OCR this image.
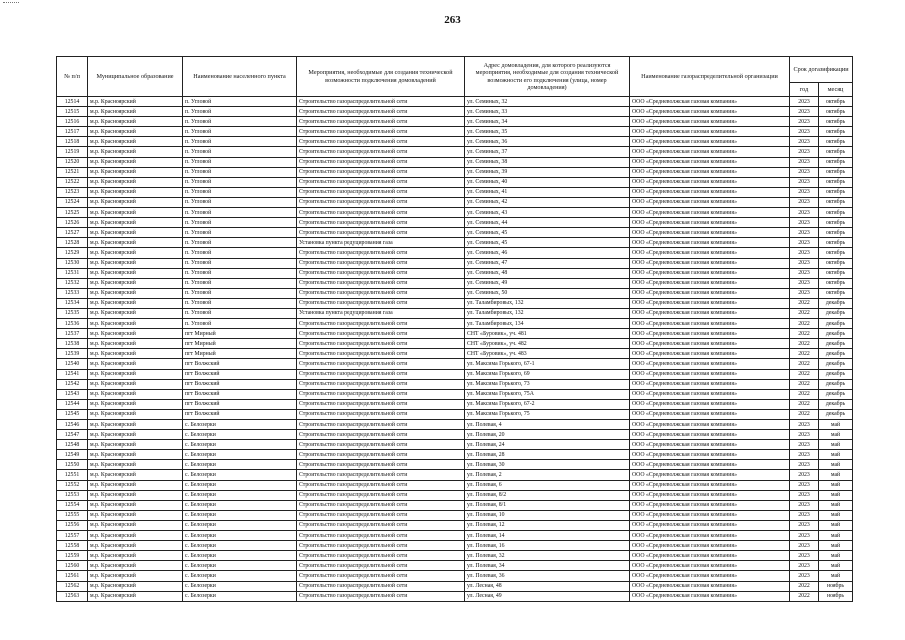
263
№ п/п	Муниципальное образование	Наименование населенного пункта	Мероприятия, необходимые для создания технической возможности подключения домовладений	Адрес домовладения, для которого реализуются мероприятия, необходимые для создания технической возможности его подключения (улица, номер домовладения)	Наименование газораспределительной организации	Срок догазификации	
						год	месяц
12514	м.р. Красноярский	п. Угловой	Строительство газораспределительной сети	ул. Семиных, 32	ООО «Средневолжская газовая компания»	2023	октябрь
12515	м.р. Красноярский	п. Угловой	Строительство газораспределительной сети	ул. Семиных, 33	ООО «Средневолжская газовая компания»	2023	октябрь
12516	м.р. Красноярский	п. Угловой	Строительство газораспределительной сети	ул. Семиных, 34	ООО «Средневолжская газовая компания»	2023	октябрь
12517	м.р. Красноярский	п. Угловой	Строительство газораспределительной сети	ул. Семиных, 35	ООО «Средневолжская газовая компания»	2023	октябрь
12518	м.р. Красноярский	п. Угловой	Строительство газораспределительной сети	ул. Семиных, 36	ООО «Средневолжская газовая компания»	2023	октябрь
12519	м.р. Красноярский	п. Угловой	Строительство газораспределительной сети	ул. Семиных, 37	ООО «Средневолжская газовая компания»	2023	октябрь
12520	м.р. Красноярский	п. Угловой	Строительство газораспределительной сети	ул. Семиных, 38	ООО «Средневолжская газовая компания»	2023	октябрь
12521	м.р. Красноярский	п. Угловой	Строительство газораспределительной сети	ул. Семиных, 39	ООО «Средневолжская газовая компания»	2023	октябрь
12522	м.р. Красноярский	п. Угловой	Строительство газораспределительной сети	ул. Семиных, 40	ООО «Средневолжская газовая компания»	2023	октябрь
12523	м.р. Красноярский	п. Угловой	Строительство газораспределительной сети	ул. Семиных, 41	ООО «Средневолжская газовая компания»	2023	октябрь
12524	м.р. Красноярский	п. Угловой	Строительство газораспределительной сети	ул. Семиных, 42	ООО «Средневолжская газовая компания»	2023	октябрь
12525	м.р. Красноярский	п. Угловой	Строительство газораспределительной сети	ул. Семиных, 43	ООО «Средневолжская газовая компания»	2023	октябрь
12526	м.р. Красноярский	п. Угловой	Строительство газораспределительной сети	ул. Семиных, 44	ООО «Средневолжская газовая компания»	2023	октябрь
12527	м.р. Красноярский	п. Угловой	Строительство газораспределительной сети	ул. Семиных, 45	ООО «Средневолжская газовая компания»	2023	октябрь
12528	м.р. Красноярский	п. Угловой	Установка пункта редуцирования газа	ул. Семиных, 45	ООО «Средневолжская газовая компания»	2023	октябрь
12529	м.р. Красноярский	п. Угловой	Строительство газораспределительной сети	ул. Семиных, 46	ООО «Средневолжская газовая компания»	2023	октябрь
12530	м.р. Красноярский	п. Угловой	Строительство газораспределительной сети	ул. Семиных, 47	ООО «Средневолжская газовая компания»	2023	октябрь
12531	м.р. Красноярский	п. Угловой	Строительство газораспределительной сети	ул. Семиных, 48	ООО «Средневолжская газовая компания»	2023	октябрь
12532	м.р. Красноярский	п. Угловой	Строительство газораспределительной сети	ул. Семиных, 49	ООО «Средневолжская газовая компания»	2023	октябрь
12533	м.р. Красноярский	п. Угловой	Строительство газораспределительной сети	ул. Семиных, 50	ООО «Средневолжская газовая компания»	2023	октябрь
12534	м.р. Красноярский	п. Угловой	Строительство газораспределительной сети	ул. Таламбировых, 132	ООО «Средневолжская газовая компания»	2022	декабрь
12535	м.р. Красноярский	п. Угловой	Установка пункта редуцирования газа	ул. Таламбировых, 132	ООО «Средневолжская газовая компания»	2022	декабрь
12536	м.р. Красноярский	п. Угловой	Строительство газораспределительной сети	ул. Таламбировых, 134	ООО «Средневолжская газовая компания»	2022	декабрь
12537	м.р. Красноярский	пгт Мирный	Строительство газораспределительной сети	СНТ «Буровик», уч. 481	ООО «Средневолжская газовая компания»	2022	декабрь
12538	м.р. Красноярский	пгт Мирный	Строительство газораспределительной сети	СНТ «Буровик», уч. 482	ООО «Средневолжская газовая компания»	2022	декабрь
12539	м.р. Красноярский	пгт Мирный	Строительство газораспределительной сети	СНТ «Буровик», уч. 483	ООО «Средневолжская газовая компания»	2022	декабрь
12540	м.р. Красноярский	пгт Волжский	Строительство газораспределительной сети	ул. Максима Горького, 67-1	ООО «Средневолжская газовая компания»	2022	декабрь
12541	м.р. Красноярский	пгт Волжский	Строительство газораспределительной сети	ул. Максима Горького, 69	ООО «Средневолжская газовая компания»	2022	декабрь
12542	м.р. Красноярский	пгт Волжский	Строительство газораспределительной сети	ул. Максима Горького, 73	ООО «Средневолжская газовая компания»	2022	декабрь
12543	м.р. Красноярский	пгт Волжский	Строительство газораспределительной сети	ул. Максима Горького, 75А	ООО «Средневолжская газовая компания»	2022	декабрь
12544	м.р. Красноярский	пгт Волжский	Строительство газораспределительной сети	ул. Максима Горького, 67-2	ООО «Средневолжская газовая компания»	2022	декабрь
12545	м.р. Красноярский	пгт Волжский	Строительство газораспределительной сети	ул. Максима Горького, 75	ООО «Средневолжская газовая компания»	2022	декабрь
12546	м.р. Красноярский	с. Белозерки	Строительство газораспределительной сети	ул. Полевая, 4	ООО «Средневолжская газовая компания»	2023	май
12547	м.р. Красноярский	с. Белозерки	Строительство газораспределительной сети	ул. Полевая, 20	ООО «Средневолжская газовая компания»	2023	май
12548	м.р. Красноярский	с. Белозерки	Строительство газораспределительной сети	ул. Полевая, 24	ООО «Средневолжская газовая компания»	2023	май
12549	м.р. Красноярский	с. Белозерки	Строительство газораспределительной сети	ул. Полевая, 28	ООО «Средневолжская газовая компания»	2023	май
12550	м.р. Красноярский	с. Белозерки	Строительство газораспределительной сети	ул. Полевая, 30	ООО «Средневолжская газовая компания»	2023	май
12551	м.р. Красноярский	с. Белозерки	Строительство газораспределительной сети	ул. Полевая, 2	ООО «Средневолжская газовая компания»	2023	май
12552	м.р. Красноярский	с. Белозерки	Строительство газораспределительной сети	ул. Полевая, 6	ООО «Средневолжская газовая компания»	2023	май
12553	м.р. Красноярский	с. Белозерки	Строительство газораспределительной сети	ул. Полевая, 8/2	ООО «Средневолжская газовая компания»	2023	май
12554	м.р. Красноярский	с. Белозерки	Строительство газораспределительной сети	ул. Полевая, 8/1	ООО «Средневолжская газовая компания»	2023	май
12555	м.р. Красноярский	с. Белозерки	Строительство газораспределительной сети	ул. Полевая, 10	ООО «Средневолжская газовая компания»	2023	май
12556	м.р. Красноярский	с. Белозерки	Строительство газораспределительной сети	ул. Полевая, 12	ООО «Средневолжская газовая компания»	2023	май
12557	м.р. Красноярский	с. Белозерки	Строительство газораспределительной сети	ул. Полевая, 14	ООО «Средневолжская газовая компания»	2023	май
12558	м.р. Красноярский	с. Белозерки	Строительство газораспределительной сети	ул. Полевая, 16	ООО «Средневолжская газовая компания»	2023	май
12559	м.р. Красноярский	с. Белозерки	Строительство газораспределительной сети	ул. Полевая, 32	ООО «Средневолжская газовая компания»	2023	май
12560	м.р. Красноярский	с. Белозерки	Строительство газораспределительной сети	ул. Полевая, 34	ООО «Средневолжская газовая компания»	2023	май
12561	м.р. Красноярский	с. Белозерки	Строительство газораспределительной сети	ул. Полевая, 36	ООО «Средневолжская газовая компания»	2023	май
12562	м.р. Красноярский	с. Белозерки	Строительство газораспределительной сети	ул. Лесная, 48	ООО «Средневолжская газовая компания»	2022	ноябрь
12563	м.р. Красноярский	с. Белозерки	Строительство газораспределительной сети	ул. Лесная, 49	ООО «Средневолжская газовая компания»	2022	ноябрь
